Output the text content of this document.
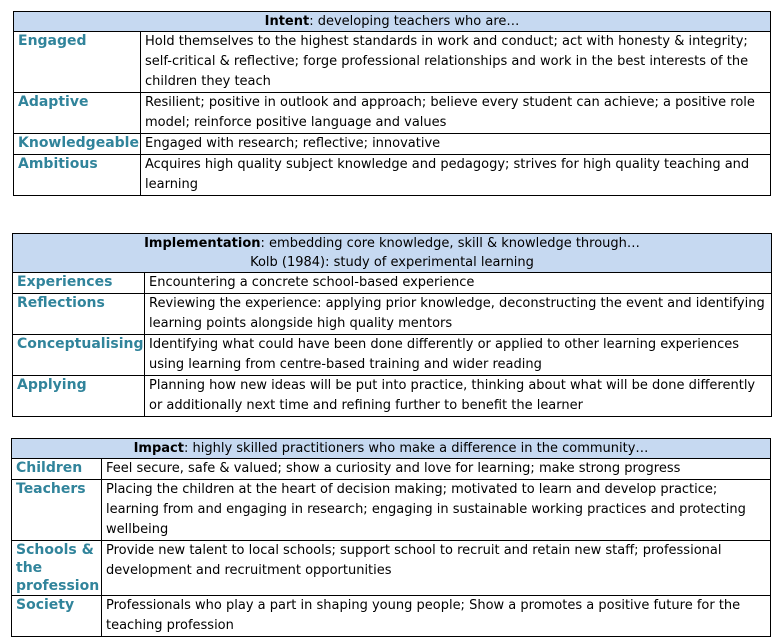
Intent: developing teachers who are…	
Engaged	Hold themselves to the highest standards in work and conduct; act with honesty & integrity; self-critical & reflective; forge professional relationships and work in the best interests of the children they teach
Adaptive	Resilient; positive in outlook and approach; believe every student can achieve; a positive role model; reinforce positive language and values
Knowledgeable	Engaged with research; reflective; innovative
Ambitious	Acquires high quality subject knowledge and pedagogy; strives for high quality teaching and learning
Implementation: embedding core knowledge, skill & knowledge through…
Kolb (1984): study of experimental learning	
Experiences	Encountering a concrete school-based experience
Reflections	Reviewing the experience: applying prior knowledge, deconstructing the event and identifying learning points alongside high quality mentors
Conceptualising	Identifying what could have been done differently or applied to other learning experiences using learning from centre-based training and wider reading
Applying	Planning how new ideas will be put into practice, thinking about what will be done differently or additionally next time and refining further to benefit the learner
Impact: highly skilled practitioners who make a difference in the community…	
Children	Feel secure, safe & valued; show a curiosity and love for learning; make strong progress
Teachers	Placing the children at the heart of decision making; motivated to learn and develop practice; learning from and engaging in research; engaging in sustainable working practices and protecting wellbeing
Schools & the profession	Provide new talent to local schools; support school to recruit and retain new staff; professional development and recruitment opportunities
Society	Professionals who play a part in shaping young people; Show a promotes a positive future for the teaching profession
